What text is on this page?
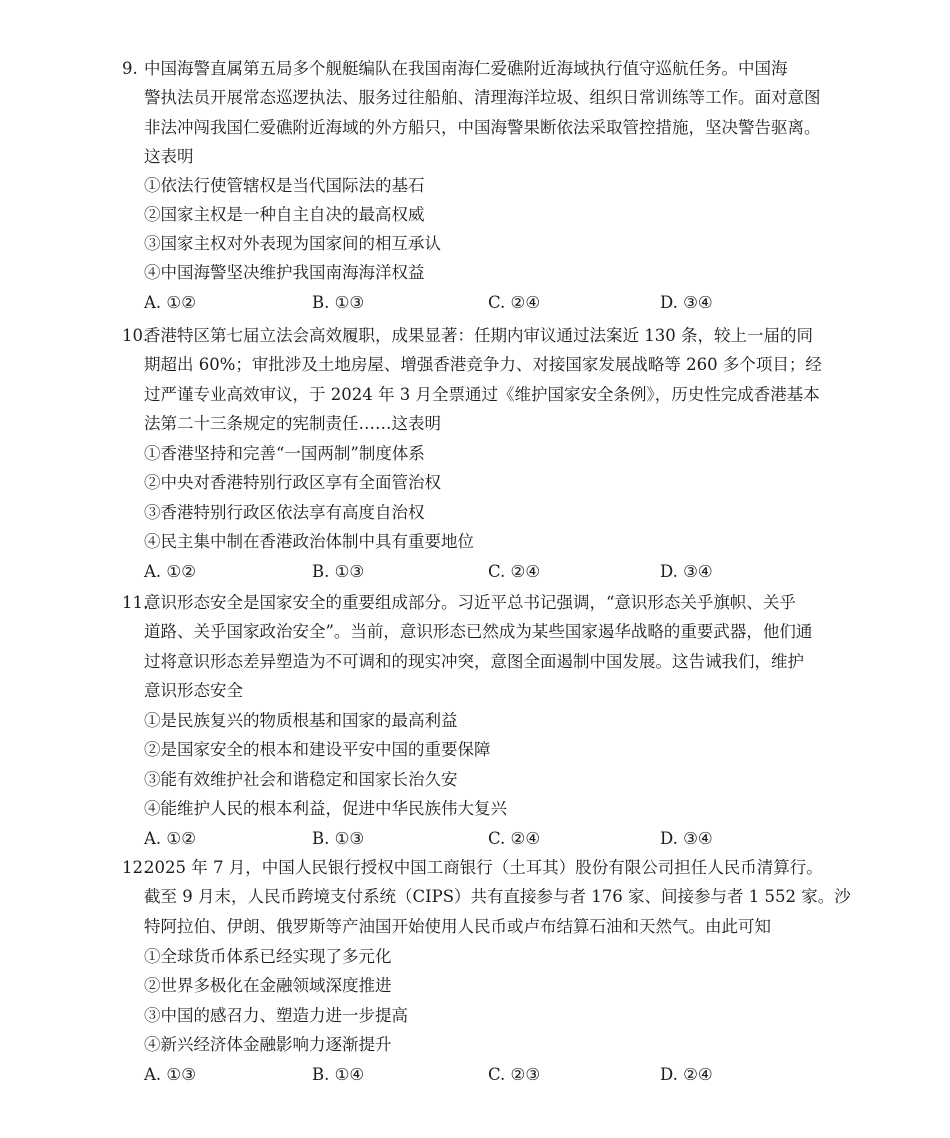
9. 中国海警直属第五局多个舰艇编队在我国南海仁爱礁附近海域执行值守巡航任务。中国海
警执法员开展常态巡逻执法、服务过往船舶、清理海洋垃圾、组织日常训练等工作。面对意图
非法冲闯我国仁爱礁附近海域的外方船只，中国海警果断依法采取管控措施，坚决警告驱离。
这表明
①依法行使管辖权是当代国际法的基石
②国家主权是一种自主自决的最高权威
③国家主权对外表现为国家间的相互承认
④中国海警坚决维护我国南海海洋权益
A. ①②	B. ①③	C. ②④	D. ③④
10.
香港特区第七届立法会高效履职，成果显著：任期内审议通过法案近 130 条，较上一届的同
期超出 60%；审批涉及土地房屋、增强香港竞争力、对接国家发展战略等 260 多个项目；经
过严谨专业高效审议，于 2024 年 3 月全票通过《维护国家安全条例》，历史性完成香港基本
法第二十三条规定的宪制责任……这表明
①香港坚持和完善“一国两制”制度体系
②中央对香港特别行政区享有全面管治权
③香港特别行政区依法享有高度自治权
④民主集中制在香港政治体制中具有重要地位
A. ①②	B. ①③	C. ②④	D. ③④
11.
意识形态安全是国家安全的重要组成部分。习近平总书记强调，“意识形态关乎旗帜、关乎
道路、关乎国家政治安全”。当前，意识形态已然成为某些国家遏华战略的重要武器，他们通
过将意识形态差异塑造为不可调和的现实冲突，意图全面遏制中国发展。这告诫我们，维护
意识形态安全
①是民族复兴的物质根基和国家的最高利益
②是国家安全的根本和建设平安中国的重要保障
③能有效维护社会和谐稳定和国家长治久安
④能维护人民的根本利益，促进中华民族伟大复兴
A. ①②	B. ①③	C. ②④	D. ③④
12.
2025 年 7 月，中国人民银行授权中国工商银行（土耳其）股份有限公司担任人民币清算行。
截至 9 月末，人民币跨境支付系统（CIPS）共有直接参与者 176 家、间接参与者 1 552 家。沙
特阿拉伯、伊朗、俄罗斯等产油国开始使用人民币或卢布结算石油和天然气。由此可知
①全球货币体系已经实现了多元化
②世界多极化在金融领域深度推进
③中国的感召力、塑造力进一步提高
④新兴经济体金融影响力逐渐提升
A. ①③	B. ①④	C. ②③	D. ②④
